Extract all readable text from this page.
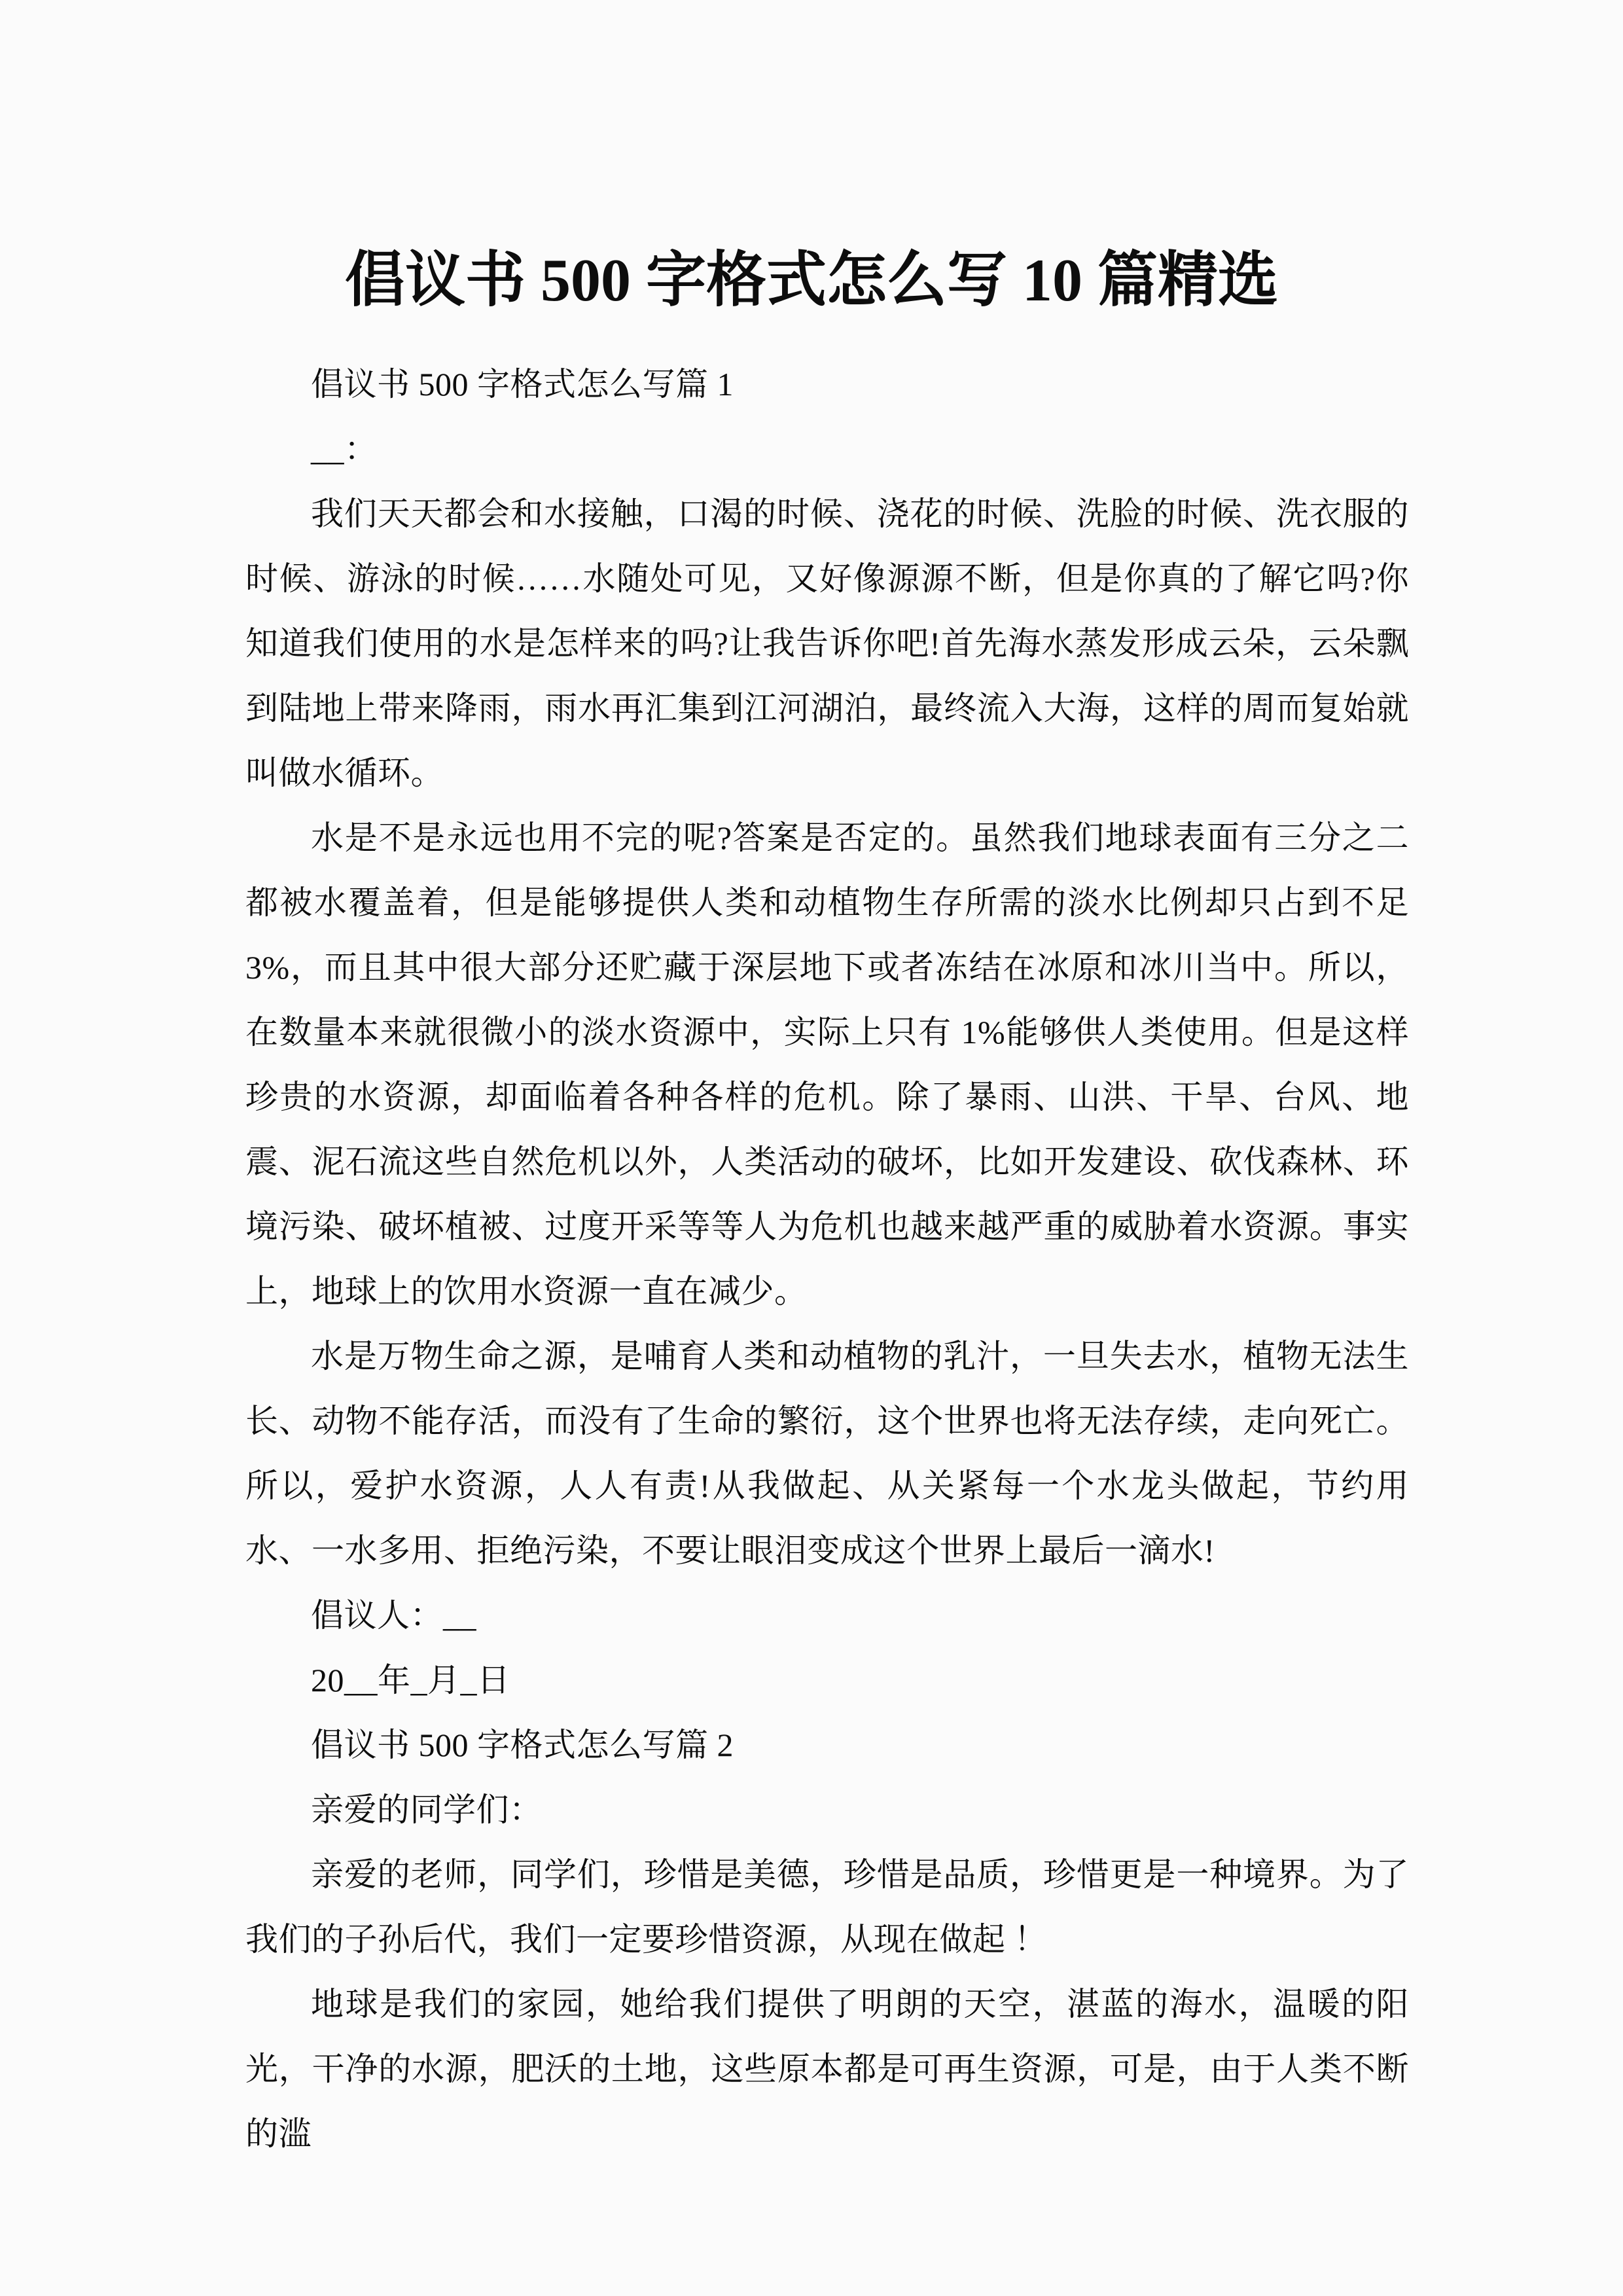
倡议书 500 字格式怎么写 10 篇精选

倡议书 500 字格式怎么写篇 1

__：

我们天天都会和水接触，口渴的时候、浇花的时候、洗脸的时候、洗衣服的时候、游泳的时候……水随处可见，又好像源源不断，但是你真的了解它吗?你知道我们使用的水是怎样来的吗?让我告诉你吧!首先海水蒸发形成云朵，云朵飘到陆地上带来降雨，雨水再汇集到江河湖泊，最终流入大海，这样的周而复始就叫做水循环。

水是不是永远也用不完的呢?答案是否定的。虽然我们地球表面有三分之二都被水覆盖着，但是能够提供人类和动植物生存所需的淡水比例却只占到不足3%，而且其中很大部分还贮藏于深层地下或者冻结在冰原和冰川当中。所以，在数量本来就很微小的淡水资源中，实际上只有 1%能够供人类使用。但是这样珍贵的水资源，却面临着各种各样的危机。除了暴雨、山洪、干旱、台风、地震、泥石流这些自然危机以外，人类活动的破坏，比如开发建设、砍伐森林、环境污染、破坏植被、过度开采等等人为危机也越来越严重的威胁着水资源。事实上，地球上的饮用水资源一直在减少。

水是万物生命之源，是哺育人类和动植物的乳汁，一旦失去水，植物无法生长、动物不能存活，而没有了生命的繁衍，这个世界也将无法存续，走向死亡。所以，爱护水资源，人人有责!从我做起、从关紧每一个水龙头做起，节约用水、一水多用、拒绝污染，不要让眼泪变成这个世界上最后一滴水!

倡议人：__

20__年_月_日

倡议书 500 字格式怎么写篇 2

亲爱的同学们：

亲爱的老师，同学们，珍惜是美德，珍惜是品质，珍惜更是一种境界。为了我们的子孙后代，我们一定要珍惜资源，从现在做起 ！

地球是我们的家园，她给我们提供了明朗的天空，湛蓝的海水，温暖的阳光，干净的水源，肥沃的土地，这些原本都是可再生资源，可是，由于人类不断的滥
